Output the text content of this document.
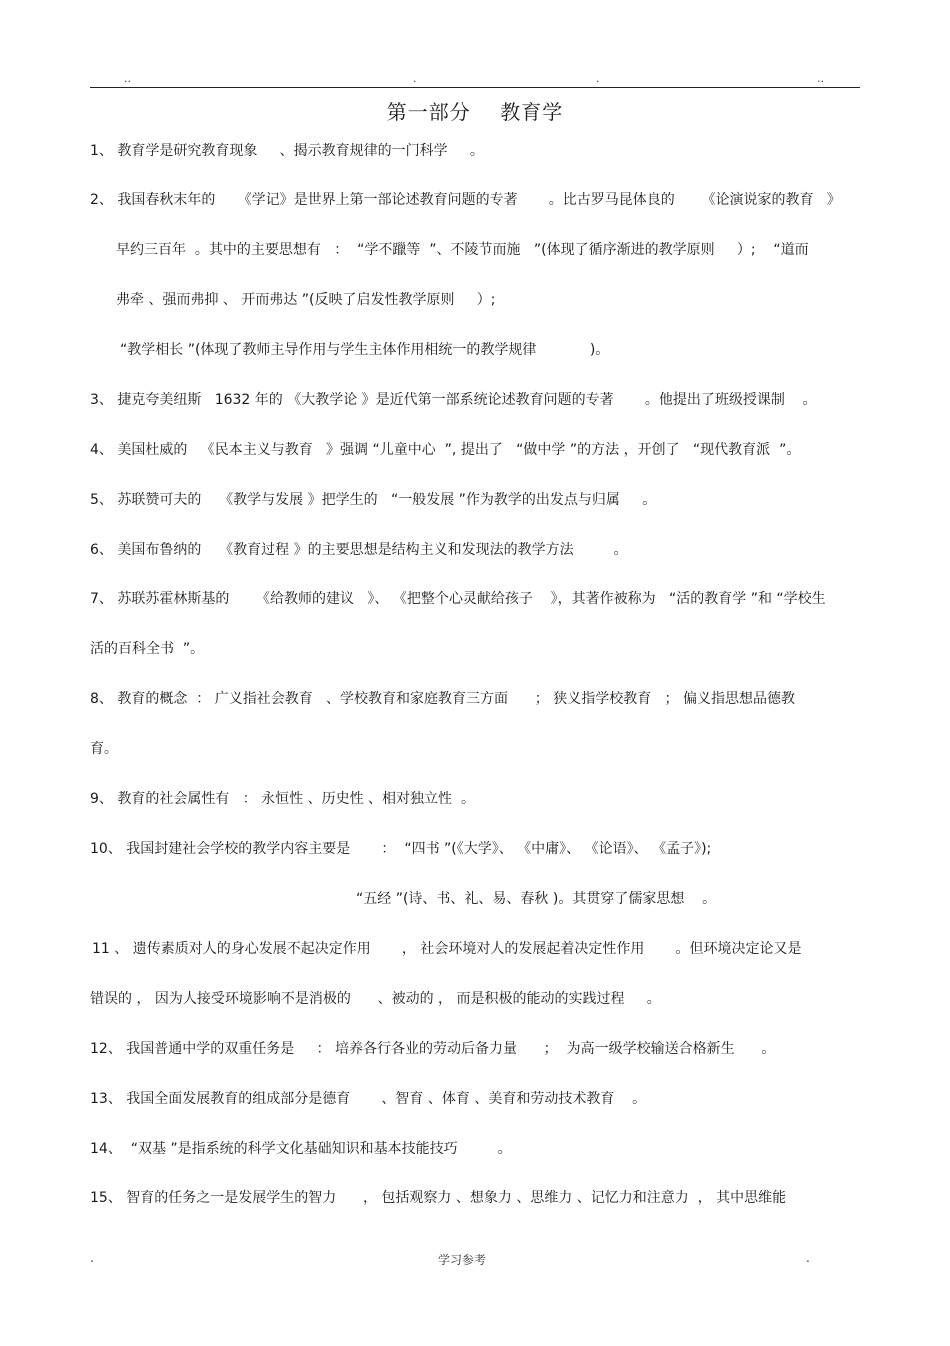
..	.	.	..
第一部分    教育学
1、 教育学是研究教育现象     、揭示教育规律的一门科学     。
2、 我国春秋末年的     《学记》是世界上第一部论述教育问题的专著       。比古罗马昆体良的      《论演说家的教育   》
早约三百年  。其中的主要思想有   ：  “学不躐等  ”、不陵节而施   ”(体现了循序渐进的教学原则     ）;    “道而
弗牵 、强而弗抑 、 开而弗达 ”(反映了启发性教学原则     ）;
“教学相长 ”(体现了教师主导作用与学生主体作用相统一的教学规律            )。
3、 捷克夸美纽斯   1632 年的 《大教学论 》是近代第一部系统论述教育问题的专著       。他提出了班级授课制    。
4、 美国杜威的   《民本主义与教育   》强调 “儿童中心  ”, 提出了   “做中学 ”的方法 ，开创了   “现代教育派  ”。
5、 苏联赞可夫的    《教学与发展 》把学生的   “一般发展 ”作为教学的出发点与归属     。
6、 美国布鲁纳的    《教育过程 》的主要思想是结构主义和发现法的教学方法         。
7、 苏联苏霍林斯基的      《给教师的建议   》、 《把整个心灵献给孩子    》，其著作被称为   “活的教育学 ”和 “学校生
活的百科全书  ”。
8、 教育的概念  ： 广义指社会教育   、学校教育和家庭教育三方面      ； 狭义指学校教育   ； 偏义指思想品德教
育。
9、 教育的社会属性有   ： 永恒性 、历史性 、相对独立性  。
10、 我国封建社会学校的教学内容主要是       ：  “四书 ”(《大学》、 《中庸》、 《论语》、 《孟子》);
“五经 ”(诗、书、礼、易、春秋 )。其贯穿了儒家思想    。
11 、 遗传素质对人的身心发展不起决定作用       ， 社会环境对人的发展起着决定性作用       。但环境决定论又是
错误的 ， 因为人接受环境影响不是消极的      、被动的 ， 而是积极的能动的实践过程     。
12、 我国普通中学的双重任务是     ： 培养各行各业的劳动后备力量      ；  为高一级学校输送合格新生      。
13、 我国全面发展教育的组成部分是德育       、智育 、体育 、美育和劳动技术教育    。
14、  “双基 ”是指系统的科学文化基础知识和基本技能技巧         。
15、 智育的任务之一是发展学生的智力      ， 包括观察力 、想象力 、思维力 、记忆力和注意力  ， 其中思维能
.	学习参考	.
